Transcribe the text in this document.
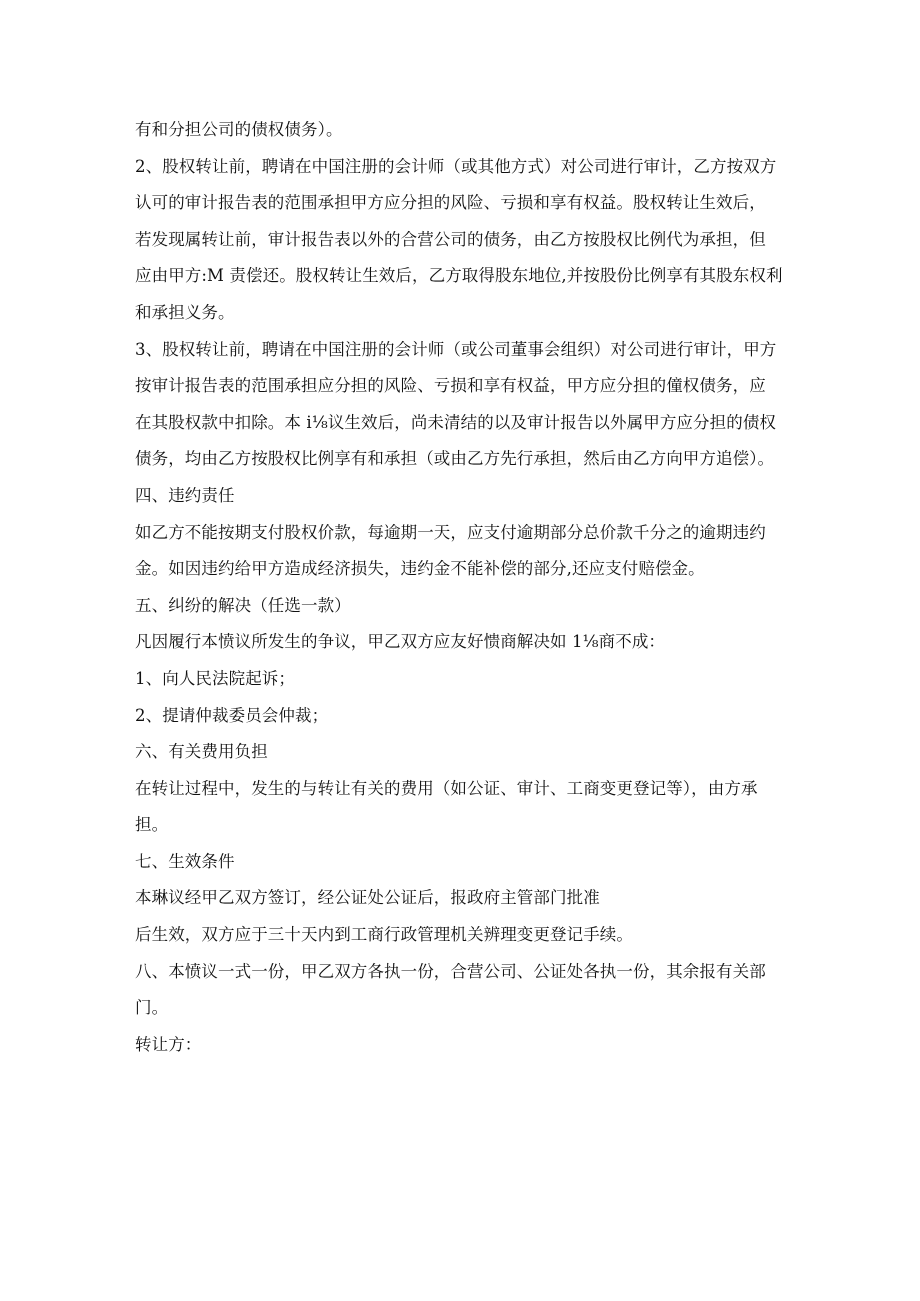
有和分担公司的债权债务）。
2、股权转让前，聘请在中国注册的会计师（或其他方式）对公司进行审计，乙方按双方
认可的审计报告表的范围承担甲方应分担的风险、亏损和享有权益。股权转让生效后，
若发现属转让前，审计报告表以外的合营公司的债务，由乙方按股权比例代为承担，但
应由甲方:M 责偿还。股权转让生效后，乙方取得股东地位,并按股份比例享有其股东权利
和承担义务。
3、股权转让前，聘请在中国注册的会计师（或公司董事会组织）对公司进行审计，甲方
按审计报告表的范围承担应分担的风险、亏损和享有权益，甲方应分担的僮权债务，应
在其股权款中扣除。本 i⅛议生效后，尚未清结的以及审计报告以外属甲方应分担的债权
债务，均由乙方按股权比例享有和承担（或由乙方先行承担，然后由乙方向甲方追偿）。
四、违约责任
如乙方不能按期支付股权价款，每逾期一天，应支付逾期部分总价款千分之的逾期违约
金。如因违约给甲方造成经济损失，违约金不能补偿的部分,还应支付赔偿金。
五、纠纷的解决（任选一款）
凡因履行本愤议所发生的争议，甲乙双方应友好愦商解决如 1⅛商不成：
1、向人民法院起诉；
2、提请仲裁委员会仲裁；
六、有关费用负担
在转让过程中，发生的与转让有关的费用（如公证、审计、工商变更登记等），由方承
担。
七、生效条件
本琳议经甲乙双方签订，经公证处公证后，报政府主管部门批准
后生效，双方应于三十天内到工商行政管理机关辨理变更登记手续。
八、本愤议一式一份，甲乙双方各执一份，合营公司、公证处各执一份，其余报有关部
门。
转让方：
